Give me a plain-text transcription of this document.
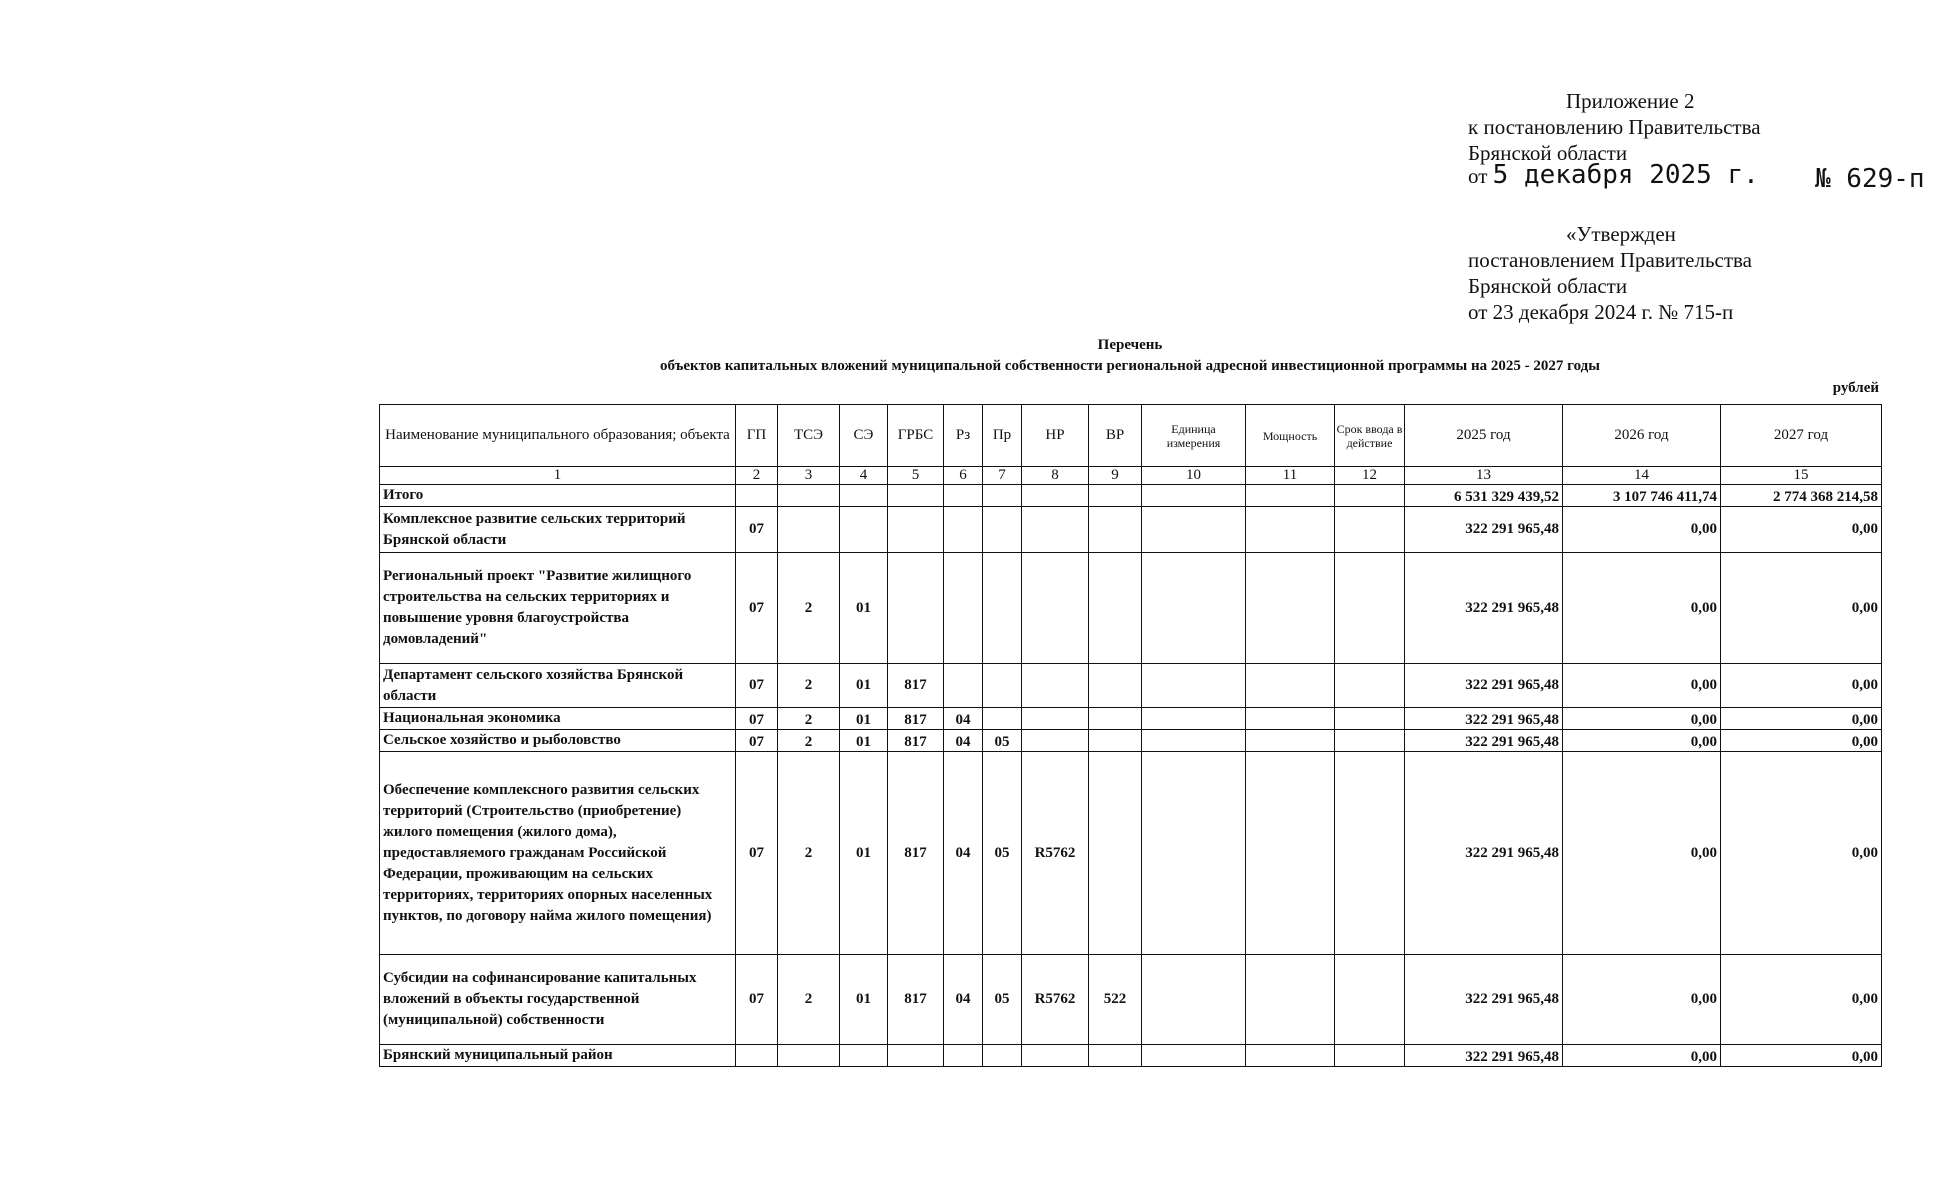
Приложение 2
к постановлению Правительства
Брянской области
от 5 декабря 2025 г. № 629-п
«Утвержден
постановлением Правительства
Брянской области
от 23 декабря 2024 г. № 715-п
Перечень
объектов капитальных вложений муниципальной собственности региональной адресной инвестиционной программы на 2025 - 2027 годы
рублей
Наименование муниципального образования; объекта	ГП	ТСЭ	СЭ	ГРБС	Рз	Пр	НР	ВР	Единица измерения	Мощность	Срок ввода в действие	2025 год	2026 год	2027 год
1	2	3	4	5	6	7	8	9	10	11	12	13	14	15
Итого												6 531 329 439,52	3 107 746 411,74	2 774 368 214,58
Комплексное развитие сельских территорий Брянской области	07											322 291 965,48	0,00	0,00
Региональный проект "Развитие жилищного строительства на сельских территориях и повышение уровня благоустройства домовладений"	07	2	01									322 291 965,48	0,00	0,00
Департамент сельского хозяйства Брянской области	07	2	01	817								322 291 965,48	0,00	0,00
Национальная экономика	07	2	01	817	04							322 291 965,48	0,00	0,00
Сельское хозяйство и рыболовство	07	2	01	817	04	05						322 291 965,48	0,00	0,00
Обеспечение комплексного развития сельских территорий (Строительство (приобретение) жилого помещения (жилого дома), предоставляемого гражданам Российской Федерации, проживающим на сельских территориях, территориях опорных населенных пунктов, по договору найма жилого помещения)	07	2	01	817	04	05	R5762					322 291 965,48	0,00	0,00
Субсидии на софинансирование капитальных вложений в объекты государственной (муниципальной) собственности	07	2	01	817	04	05	R5762	522				322 291 965,48	0,00	0,00
Брянский муниципальный район												322 291 965,48	0,00	0,00
